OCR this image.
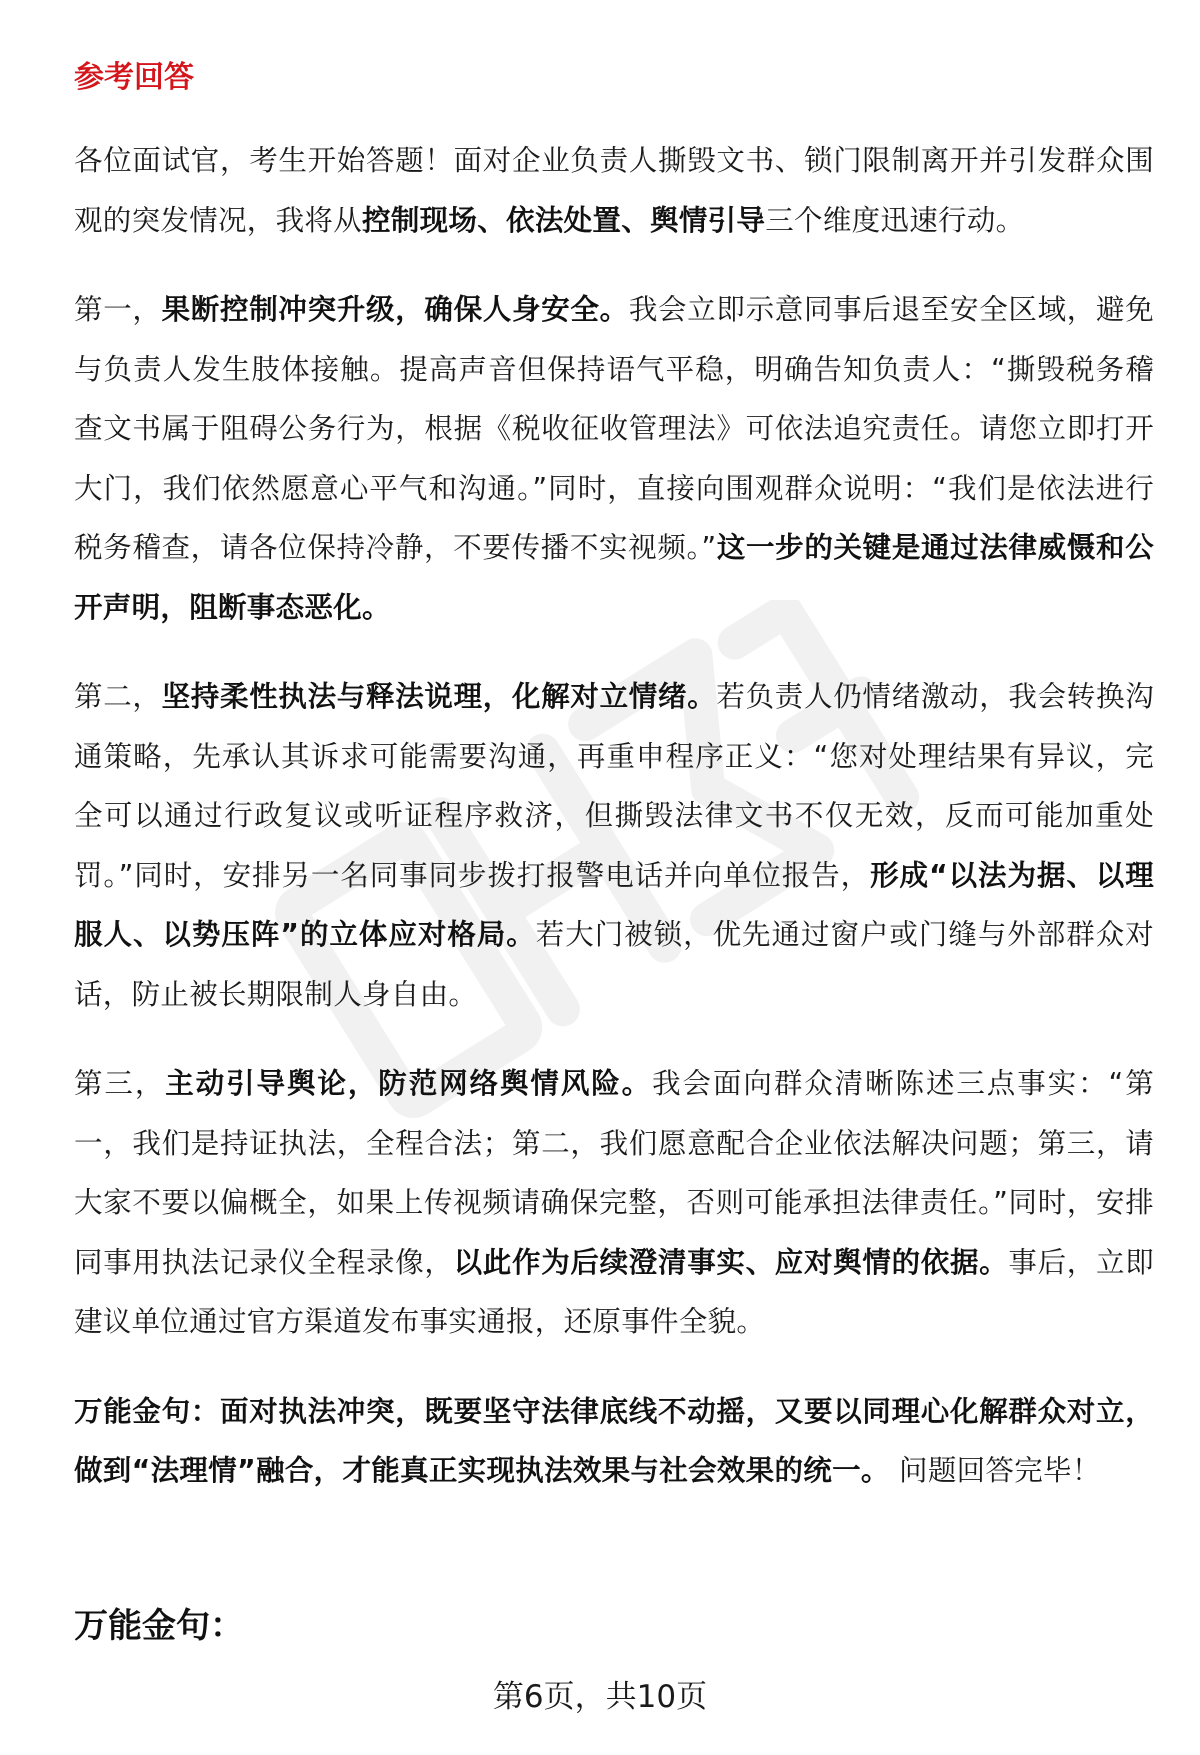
参考回答

各位面试官，考生开始答题！面对企业负责人撕毁文书、锁门限制离开并引发群众围观的突发情况，我将从控制现场、依法处置、舆情引导三个维度迅速行动。

第一，果断控制冲突升级，确保人身安全。我会立即示意同事后退至安全区域，避免与负责人发生肢体接触。提高声音但保持语气平稳，明确告知负责人：“撕毁税务稽查文书属于阻碍公务行为，根据《税收征收管理法》可依法追究责任。请您立即打开大门，我们依然愿意心平气和沟通。”同时，直接向围观群众说明：“我们是依法进行税务稽查，请各位保持冷静，不要传播不实视频。”这一步的关键是通过法律威慑和公开声明，阻断事态恶化。

第二，坚持柔性执法与释法说理，化解对立情绪。若负责人仍情绪激动，我会转换沟通策略，先承认其诉求可能需要沟通，再重申程序正义：“您对处理结果有异议，完全可以通过行政复议或听证程序救济，但撕毁法律文书不仅无效，反而可能加重处罚。”同时，安排另一名同事同步拨打报警电话并向单位报告，形成“以法为据、以理服人、以势压阵”的立体应对格局。若大门被锁，优先通过窗户或门缝与外部群众对话，防止被长期限制人身自由。

第三，主动引导舆论，防范网络舆情风险。我会面向群众清晰陈述三点事实：“第一，我们是持证执法，全程合法；第二，我们愿意配合企业依法解决问题；第三，请大家不要以偏概全，如果上传视频请确保完整，否则可能承担法律责任。”同时，安排同事用执法记录仪全程录像，以此作为后续澄清事实、应对舆情的依据。事后，立即建议单位通过官方渠道发布事实通报，还原事件全貌。

万能金句：面对执法冲突，既要坚守法律底线不动摇，又要以同理心化解群众对立，做到“法理情”融合，才能真正实现执法效果与社会效果的统一。 问题回答完毕！

万能金句：
第6页，共10页
